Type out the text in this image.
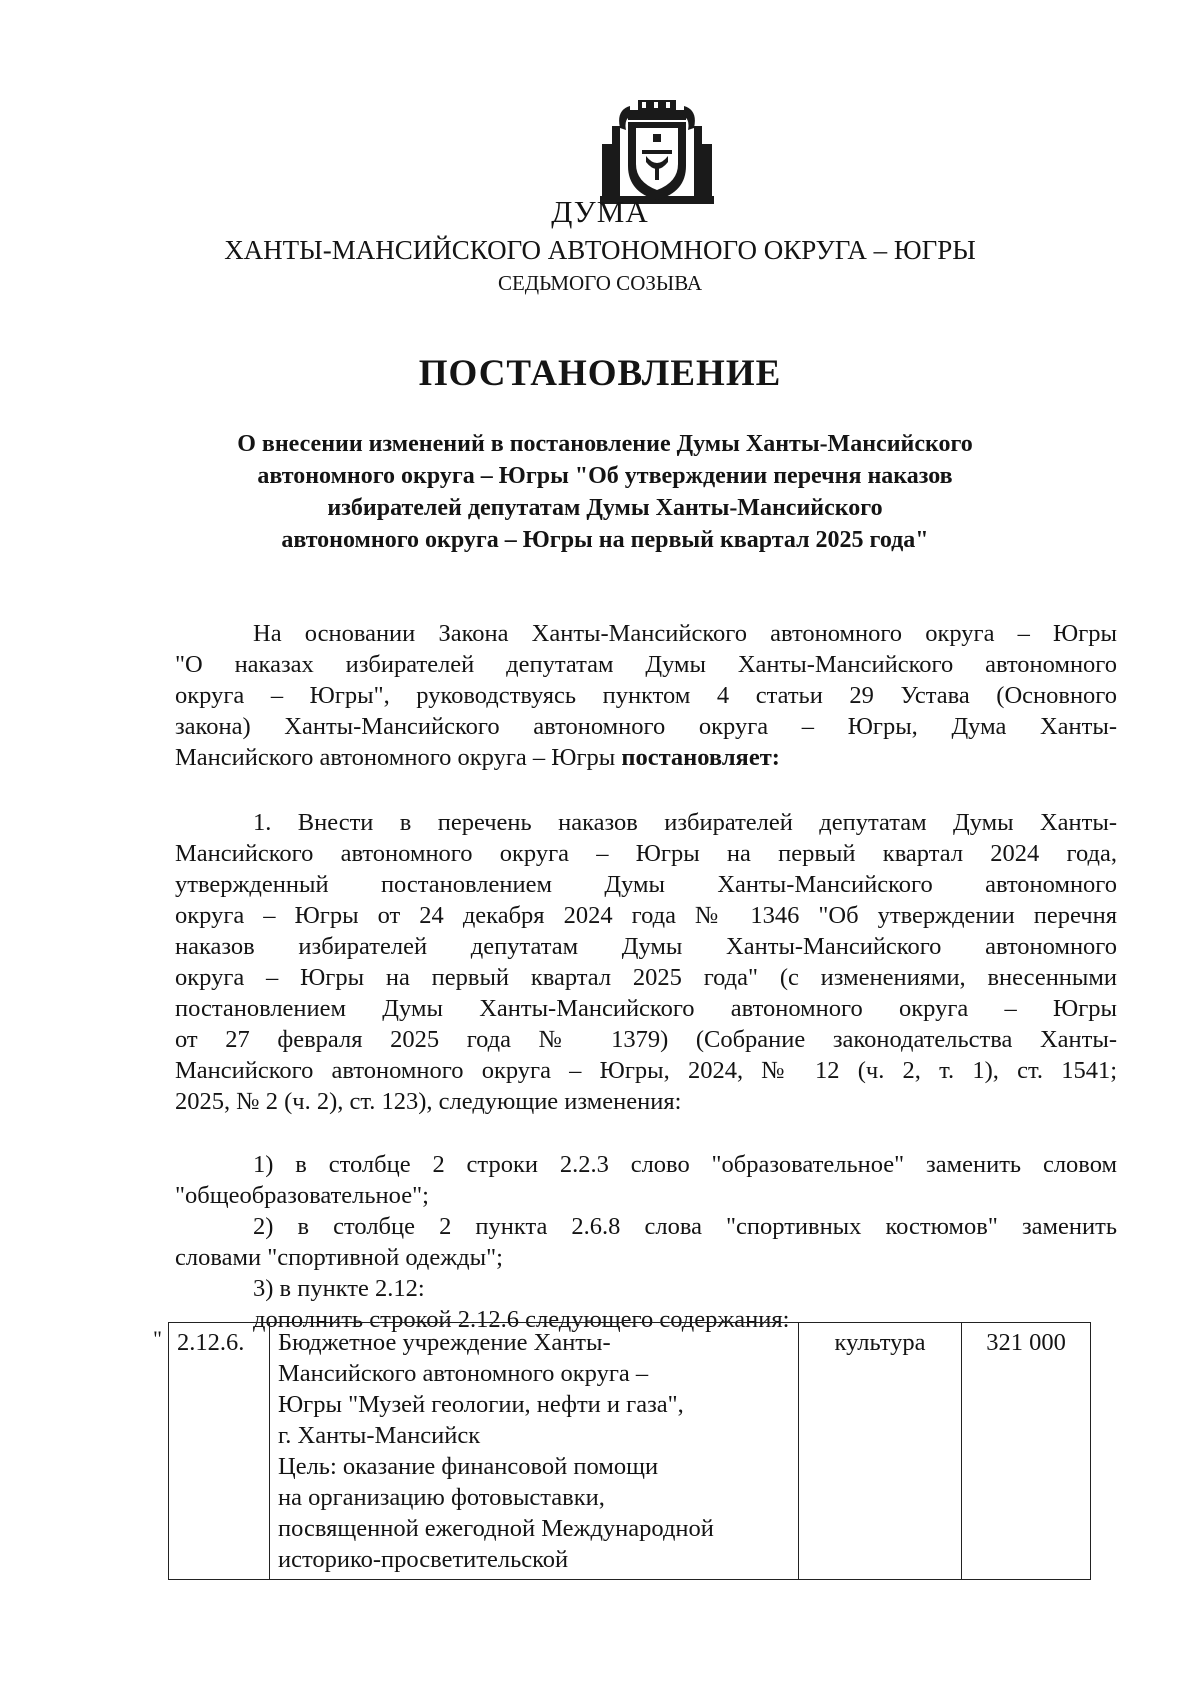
ДУМА
ХАНТЫ-МАНСИЙСКОГО АВТОНОМНОГО ОКРУГА – ЮГРЫ
СЕДЬМОГО СОЗЫВА
ПОСТАНОВЛЕНИЕ
О внесении изменений в постановление Думы Ханты-Мансийского
автономного округа – Югры "Об утверждении перечня наказов
избирателей депутатам Думы Ханты-Мансийского
автономного округа – Югры на первый квартал 2025 года"
На основании Закона Ханты-Мансийского автономного округа – Югры
"О наказах избирателей депутатам Думы Ханты-Мансийского автономного
округа – Югры", руководствуясь пунктом 4 статьи 29 Устава (Основного
закона) Ханты-Мансийского автономного округа – Югры, Дума Ханты-
Мансийского автономного округа – Югры постановляет:
1. Внести в перечень наказов избирателей депутатам Думы Ханты-
Мансийского автономного округа – Югры на первый квартал 2024 года,
утвержденный постановлением Думы Ханты-Мансийского автономного
округа – Югры от 24 декабря 2024 года № 1346 "Об утверждении перечня
наказов избирателей депутатам Думы Ханты-Мансийского автономного
округа – Югры на первый квартал 2025 года" (с изменениями, внесенными
постановлением Думы Ханты-Мансийского автономного округа – Югры
от 27 февраля 2025 года № 1379) (Собрание законодательства Ханты-
Мансийского автономного округа – Югры, 2024, № 12 (ч. 2, т. 1), ст. 1541;
2025, № 2 (ч. 2), ст. 123), следующие изменения:
1) в столбце 2 строки 2.2.3 слово "образовательное" заменить словом
"общеобразовательное";
2) в столбце 2 пункта 2.6.8 слова "спортивных костюмов" заменить
словами "спортивной одежды";
3) в пункте 2.12:
дополнить строкой 2.12.6 следующего содержания:
" 2.12.6.	Бюджетное учреждение Ханты-
Мансийского автономного округа –
Югры "Музей геологии, нефти и газа",
г. Ханты-Мансийск
Цель: оказание финансовой помощи
на организацию фотовыставки,
посвященной ежегодной Международной
историко-просветительской
	культура	321 000
